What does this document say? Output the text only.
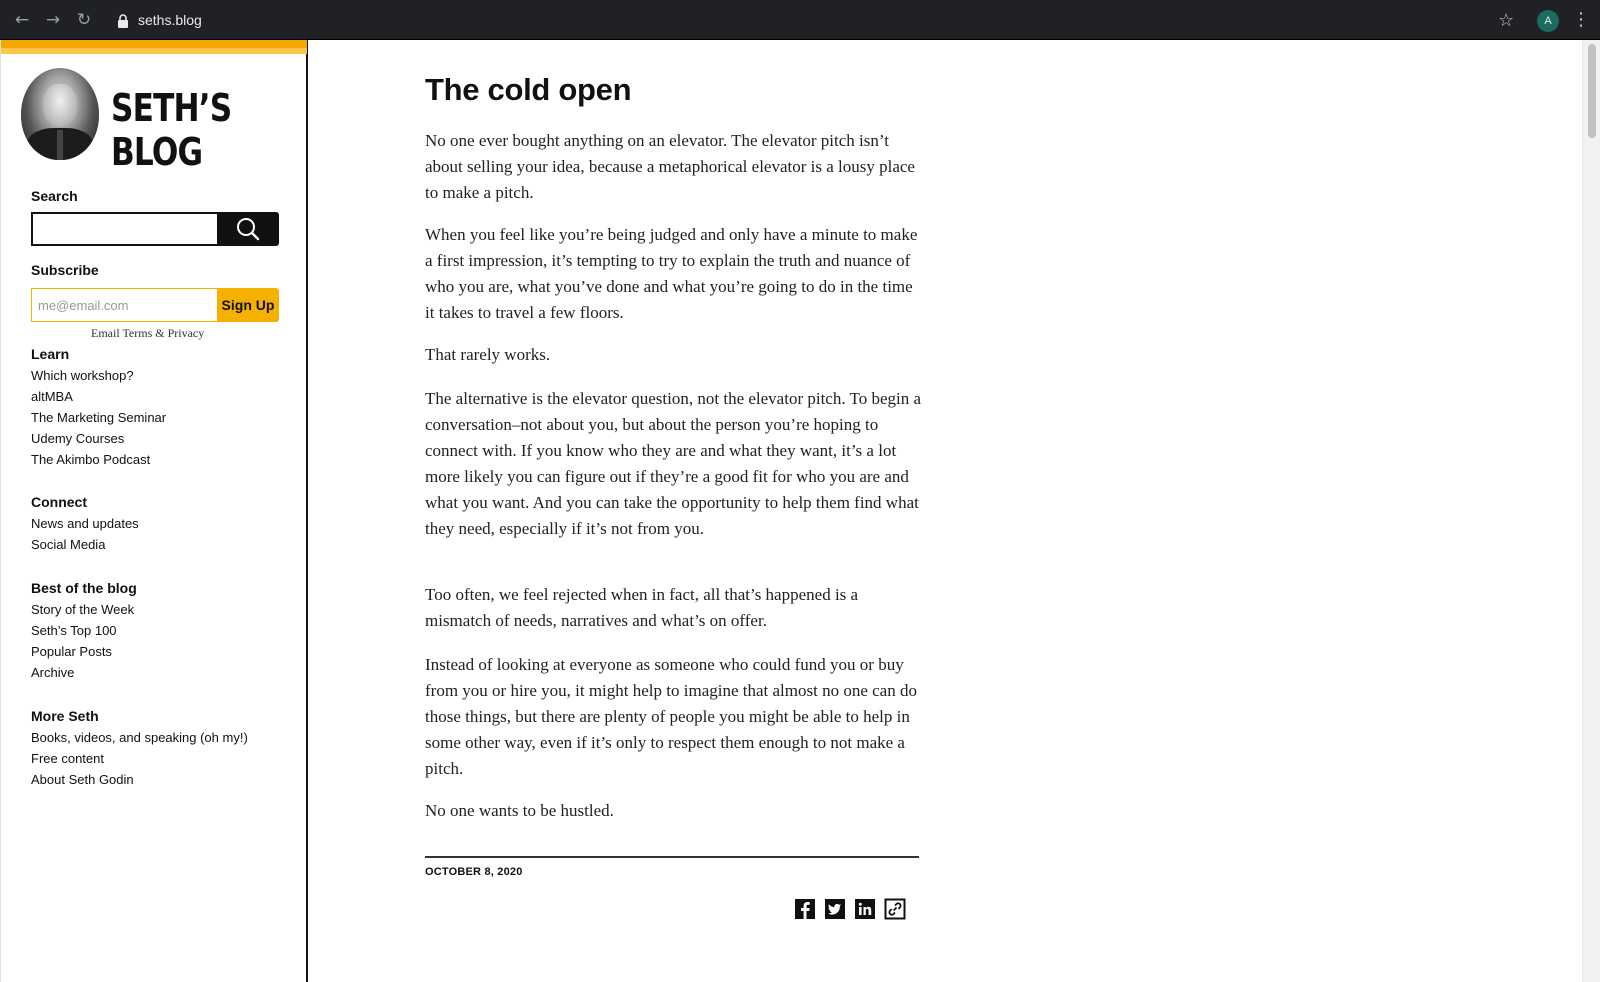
← → ↻	seths.blog	☆	A	⋮
SETH’S BLOG
Search
Subscribe
me@email.com	Sign Up
Email Terms & Privacy
Learn
Which workshop?
altMBA
The Marketing Seminar
Udemy Courses
The Akimbo Podcast
Connect
News and updates
Social Media
Best of the blog
Story of the Week
Seth’s Top 100
Popular Posts
Archive
More Seth
Books, videos, and speaking (oh my!)
Free content
About Seth Godin
The cold open

No one ever bought anything on an elevator. The elevator pitch isn’t about selling your idea, because a metaphorical elevator is a lousy place to make a pitch.

When you feel like you’re being judged and only have a minute to make a first impression, it’s tempting to try to explain the truth and nuance of who you are, what you’ve done and what you’re going to do in the time it takes to travel a few floors.

That rarely works.

The alternative is the elevator question, not the elevator pitch. To begin a conversation–not about you, but about the person you’re hoping to connect with. If you know who they are and what they want, it’s a lot more likely you can figure out if they’re a good fit for who you are and what you want. And you can take the opportunity to help them find what they need, especially if it’s not from you.

Too often, we feel rejected when in fact, all that’s happened is a mismatch of needs, narratives and what’s on offer.

Instead of looking at everyone as someone who could fund you or buy from you or hire you, it might help to imagine that almost no one can do those things, but there are plenty of people you might be able to help in some other way, even if it’s only to respect them enough to not make a pitch.

No one wants to be hustled.

OCTOBER 8, 2020
